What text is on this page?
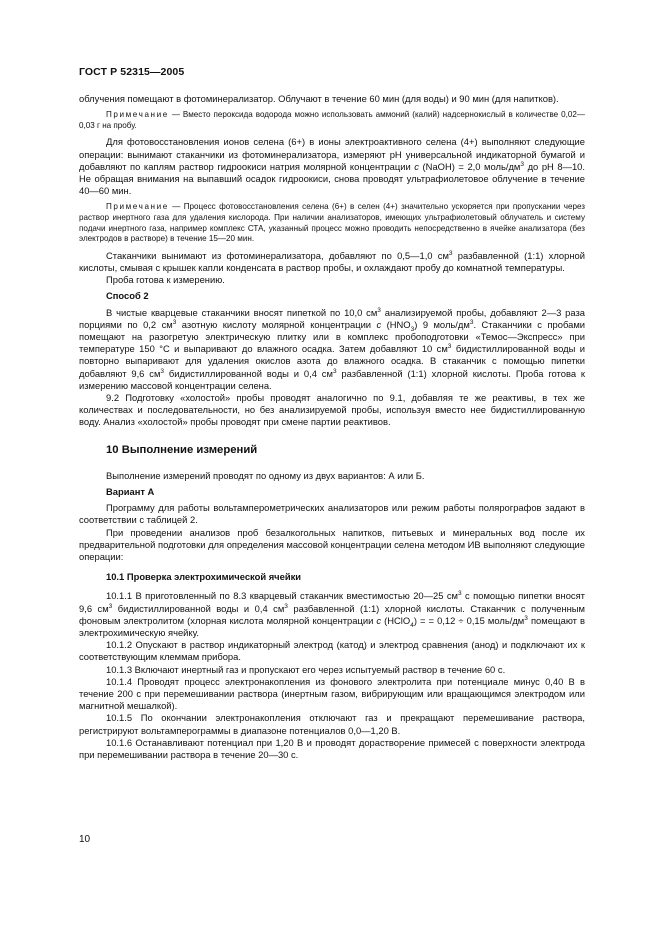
ГОСТ Р 52315—2005

облучения помещают в фотоминерализатор. Облучают в течение 60 мин (для воды) и 90 мин (для напитков).

Примечание — Вместо пероксида водорода можно использовать аммоний (калий) надсернокислый в количестве 0,02—0,03 г на пробу.

Для фотовосстановления ионов селена (6+) в ионы электроактивного селена (4+) выполняют следующие операции: вынимают стаканчики из фотоминерализатора, измеряют pH универсальной индикаторной бумагой и добавляют по каплям раствор гидроокиси натрия молярной концентрации с (NaOH) = 2,0 моль/$дм^3$ до pH 8—10. Не обращая внимания на выпавший осадок гидроокиси, снова проводят ультрафиолетовое облучение в течение 40—60 мин.

Примечание — Процесс фотовосстановления селена (6+) в селен (4+) значительно ускоряется при пропускании через раствор инертного газа для удаления кислорода. При наличии анализаторов, имеющих ультрафиолетовый облучатель и систему подачи инертного газа, например комплекс СТА, указанный процесс можно проводить непосредственно в ячейке анализатора (без электродов в растворе) в течение 15—20 мин.

Стаканчики вынимают из фотоминерализатора, добавляют по 0,5—1,0 $см^3$ разбавленной (1:1) хлорной кислоты, смывая с крышек капли конденсата в раствор пробы, и охлаждают пробу до комнатной температуры.

Проба готова к измерению.

Способ 2

В чистые кварцевые стаканчики вносят пипеткой по 10,0 $см^3$ анализируемой пробы, добавляют 2—3 раза порциями по 0,2 $см^3$ азотную кислоту молярной концентрации с $(HNO_3)$ 9 моль/$дм^3$. Стаканчики с пробами помещают на разогретую электрическую плитку или в комплекс пробоподготовки «Темос—Экспресс» при температуре 150 °С и выпаривают до влажного осадка. Затем добавляют 10 $см^3$ бидистиллированной воды и повторно выпаривают для удаления окислов азота до влажного осадка. В стаканчик с помощью пипетки добавляют 9,6 $см^3$ бидистиллированной воды и 0,4 $см^3$ разбавленной (1:1) хлорной кислоты. Проба готова к измерению массовой концентрации селена.

9.2 Подготовку «холостой» пробы проводят аналогично по 9.1, добавляя те же реактивы, в тех же количествах и последовательности, но без анализируемой пробы, используя вместо нее бидистиллированную воду. Анализ «холостой» пробы проводят при смене партии реактивов.

10 Выполнение измерений

Выполнение измерений проводят по одному из двух вариантов: А или Б.

Вариант А

Программу для работы вольтамперометрических анализаторов или режим работы полярографов задают в соответствии с таблицей 2.

При проведении анализов проб безалкогольных напитков, питьевых и минеральных вод после их предварительной подготовки для определения массовой концентрации селена методом ИВ выполняют следующие операции:

10.1 Проверка электрохимической ячейки

10.1.1 В приготовленный по 8.3 кварцевый стаканчик вместимостью 20—25 $см^3$ с помощью пипетки вносят 9,6 $см^3$ бидистиллированной воды и 0,4 $см^3$ разбавленной (1:1) хлорной кислоты. Стаканчик с полученным фоновым электролитом (хлорная кислота молярной концентрации с (HClO$_4$) = = 0,12 ÷ 0,15 моль/$дм^3$ помещают в электрохимическую ячейку.

10.1.2 Опускают в раствор индикаторный электрод (катод) и электрод сравнения (анод) и подключают их к соответствующим клеммам прибора.

10.1.3 Включают инертный газ и пропускают его через испытуемый раствор в течение 60 с.

10.1.4 Проводят процесс электронакопления из фонового электролита при потенциале минус 0,40 В в течение 200 с при перемешивании раствора (инертным газом, вибрирующим или вращающимся электродом или магнитной мешалкой).

10.1.5 По окончании электронакопления отключают газ и прекращают перемешивание раствора, регистрируют вольтамперограммы в диапазоне потенциалов 0,0—1,20 В.

10.1.6 Останавливают потенциал при 1,20 В и проводят дорастворение примесей с поверхности электрода при перемешивании раствора в течение 20—30 с.

10
